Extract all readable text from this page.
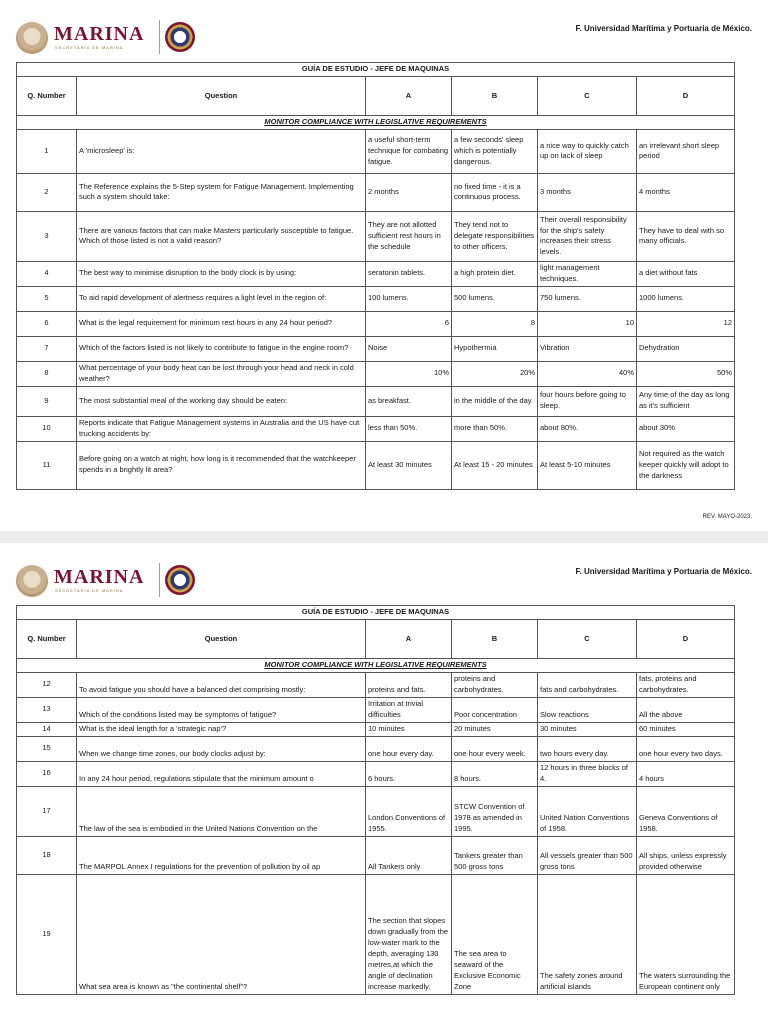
MARINA
SECRETARÍA DE MARINA
F. Universidad Marítima y Portuaria de México.
GUÍA DE ESTUDIO - JEFE DE MAQUINAS					
Q. Number	Question	A	B	C	D
MONITOR COMPLIANCE WITH LEGISLATIVE REQUIREMENTS					
1	A 'microsleep' is:	a useful short-term technique for combating fatigue.	a few seconds' sleep which is potentially dangerous.	a nice way to quickly catch up on lack of sleep	an irrelevant short sleep period
2	The Reference explains the 5-Step system for Fatigue Management. Implementing such a system should take:	2 months	no fixed time - it is a continuous process.	3 months	4 months
3	There are various factors that can make Masters particularly susceptible to fatigue. Which of those listed is not a valid reason?	They are not allotted sufficient rest hours in the schedule	They tend not to delegate responsibilities to other officers.	Their overall responsibility for the ship's safety increases their stress levels.	They have to deal with so many officials.
4	The best way to minimise disruption to the body clock is by using:	seratonin tablets.	a high protein diet.	light management techniques.	a diet without fats
5	To aid rapid development of alertness requires a light level in the region of:	100 lumens.	500 lumens.	750 lumens.	1000 lumens.
6	What is the legal requirement for minimum rest hours in any 24 hour period?	6	8	10	12
7	Which of the factors listed is not likely to contribute to fatigue in the engine room?	Noise	Hypothermia	Vibration	Dehydration
8	What percentage of your body heat can be lost through your head and neck in cold weather?	10%	20%	40%	50%
9	The most substantial meal of the working day should be eaten:	as breakfast.	in the middle of the day.	four hours before going to sleep.	Any time of the day as long as it's sufficient
10	Reports indicate that Fatigue Management systems in Australia and the US have cut trucking accidents by:	less than 50%.	more than 50%.	about 80%.	about 30%
11	Before going on a watch at night, how long is it recommended that the watchkeeper spends in a brightly lit area?	At least 30 minutes	At least 15 - 20 minutes	At least 5-10 minutes	Not required as the watch keeper quickly will adopt to the darkness
REV. MAYO-2023.
MARINA
SECRETARÍA DE MARINA
F. Universidad Marítima y Portuaria de México.
GUÍA DE ESTUDIO - JEFE DE MAQUINAS					
Q. Number	Question	A	B	C	D
MONITOR COMPLIANCE WITH LEGISLATIVE REQUIREMENTS					
12	To avoid fatigue you should have a balanced diet comprising mostly:	proteins and fats.	proteins and carbohydrates.	fats and carbohydrates.	fats, proteins and carbohydrates.
13	Which of the conditions listed may be symptoms of fatigue?	Irritation at trivial difficulties	Poor concentration	Slow reactions	All the above
14	What is the ideal length for a 'strategic nap'?	10 minutes	20 minutes	30 minutes	60 minutes
15	When we change time zones, our body clocks adjust by:	one hour every day.	one hour every week.	two hours every day.	one hour every two days.
16	In any 24 hour period, regulations stipulate that the minimum amount o	6 hours.	8 hours.	12 hours in three blocks of 4.	4 hours
17	The law of the sea is embodied in the United Nations Convention on the	London Conventions of 1955.	STCW Convention of 1978 as amended in 1995.	United Nation Conventions of 1958.	Geneva Conventions of 1958.
18	The MARPOL Annex I regulations for the prevention of pollution by oil ap	All Tankers only	Tankers greater than 500 gross tons	All vessels greater than 500 gross tons	All ships, unless expressly provided otherwise
19	What sea area is known as "the continental shelf"?	The section that slopes down gradually from the low-water mark to the depth, averaging 130 metres,at which the angle of declination increase markedly.	The sea area to seaward of the Exclusive Economic Zone	The safety zones around artificial islands	The waters surrounding the European continent only
